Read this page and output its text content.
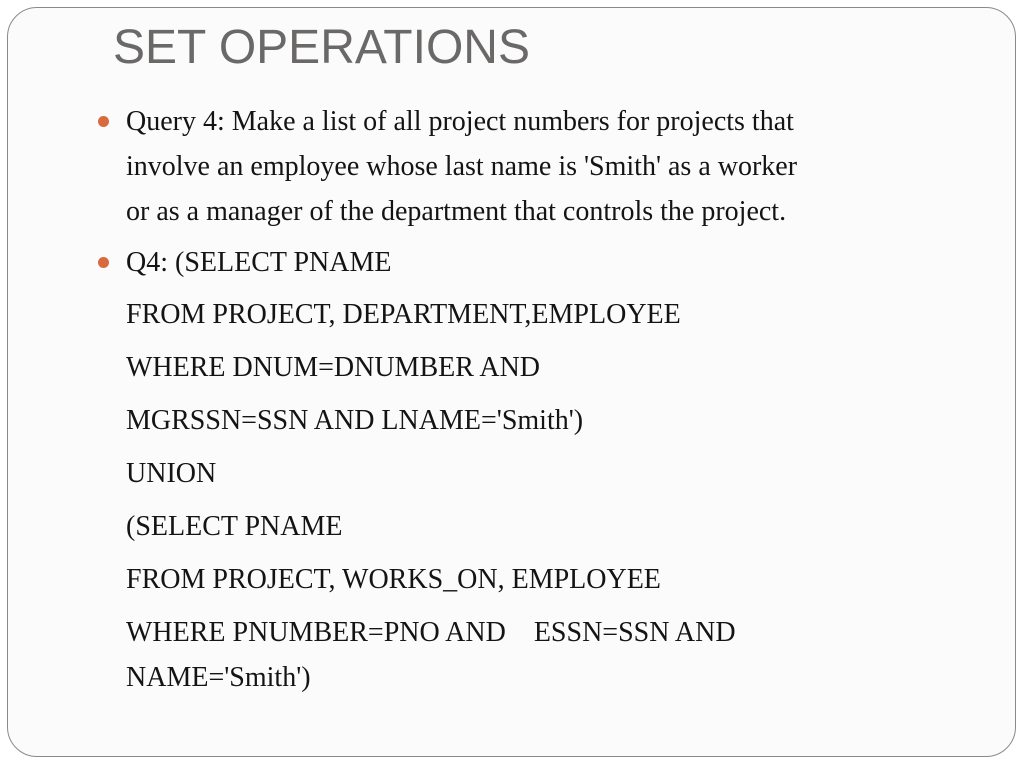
SET OPERATIONS
Query 4: Make a list of all project numbers for projects that
involve an employee whose last name is 'Smith' as a worker
or as a manager of the department that controls the project.
Q4: (SELECT PNAME
FROM PROJECT, DEPARTMENT,EMPLOYEE
WHERE DNUM=DNUMBER AND
MGRSSN=SSN AND LNAME='Smith')
UNION
(SELECT PNAME
FROM PROJECT, WORKS_ON, EMPLOYEE
WHERE PNUMBER=PNO AND    ESSN=SSN AND
NAME='Smith')
